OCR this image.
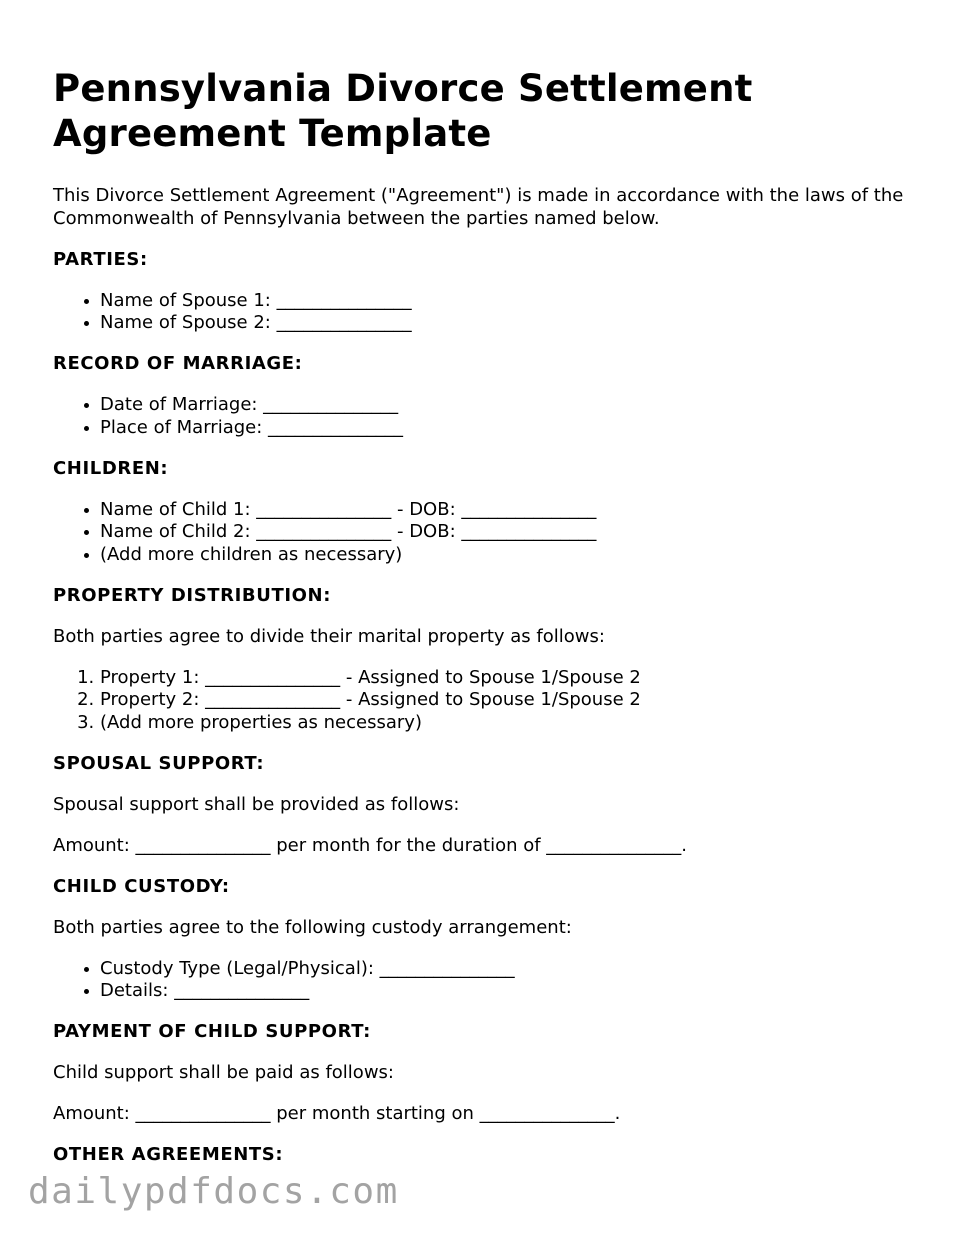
Pennsylvania Divorce Settlement Agreement Template

This Divorce Settlement Agreement ("Agreement") is made in accordance with the laws of the Commonwealth of Pennsylvania between the parties named below.

PARTIES:
• Name of Spouse 1: _______________
• Name of Spouse 2: _______________
RECORD OF MARRIAGE:
• Date of Marriage: _______________
• Place of Marriage: _______________
CHILDREN:
• Name of Child 1: _______________ - DOB: _______________
• Name of Child 2: _______________ - DOB: _______________
• (Add more children as necessary)
PROPERTY DISTRIBUTION:

Both parties agree to divide their marital property as follows:

1. Property 1: _______________ - Assigned to Spouse 1/Spouse 2
2. Property 2: _______________ - Assigned to Spouse 1/Spouse 2
3. (Add more properties as necessary)
SPOUSAL SUPPORT:

Spousal support shall be provided as follows:

Amount: _______________ per month for the duration of _______________.

CHILD CUSTODY:

Both parties agree to the following custody arrangement:

• Custody Type (Legal/Physical): _______________
• Details: _______________
PAYMENT OF CHILD SUPPORT:

Child support shall be paid as follows:

Amount: _______________ per month starting on _______________.

OTHER AGREEMENTS:
dailypdfdocs.com
